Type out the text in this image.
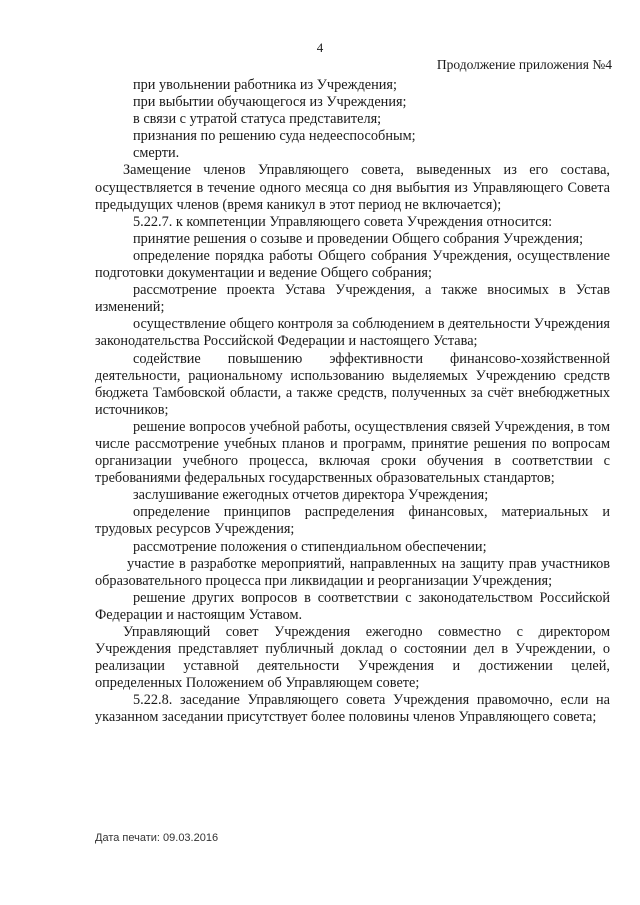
4
Продолжение приложения №4

при увольнении работника из Учреждения;

при выбытии обучающегося из Учреждения;

в связи с утратой статуса представителя;

признания по решению суда недееспособным;

смерти.

Замещение членов Управляющего совета, выведенных из его состава, осуществляется в течение одного месяца со дня выбытия из Управляющего Совета предыдущих членов (время каникул в этот период не включается);

5.22.7. к компетенции Управляющего совета Учреждения относится:

принятие решения о созыве и проведении Общего собрания Учреждения;

определение порядка работы Общего собрания Учреждения, осуществление подготовки документации и ведение Общего собрания;

рассмотрение проекта Устава Учреждения, а также вносимых в Устав изменений;

осуществление общего контроля за соблюдением в деятельности Учреждения законодательства Российской Федерации и настоящего Устава;

содействие повышению эффективности финансово-хозяйственной деятельности, рациональному использованию выделяемых Учреждению средств бюджета Тамбовской области, а также средств, полученных за счёт внебюджетных источников;

решение вопросов учебной работы, осуществления связей Учреждения, в том числе рассмотрение учебных планов и программ, принятие решения по вопросам организации учебного процесса, включая сроки обучения в соответствии с требованиями федеральных государственных образовательных стандартов;

заслушивание ежегодных отчетов директора Учреждения;

определение принципов распределения финансовых, материальных и трудовых ресурсов Учреждения;

рассмотрение положения о стипендиальном обеспечении;

участие в разработке мероприятий, направленных на защиту прав участников образовательного процесса при ликвидации и реорганизации Учреждения;

решение других вопросов в соответствии с законодательством Российской Федерации и настоящим Уставом.

Управляющий совет Учреждения ежегодно совместно с директором Учреждения представляет публичный доклад о состоянии дел в Учреждении, о реализации уставной деятельности Учреждения и достижении целей, определенных Положением об Управляющем совете;

5.22.8. заседание Управляющего совета Учреждения правомочно, если на указанном заседании присутствует более половины членов Управляющего совета;

Дата печати: 09.03.2016
